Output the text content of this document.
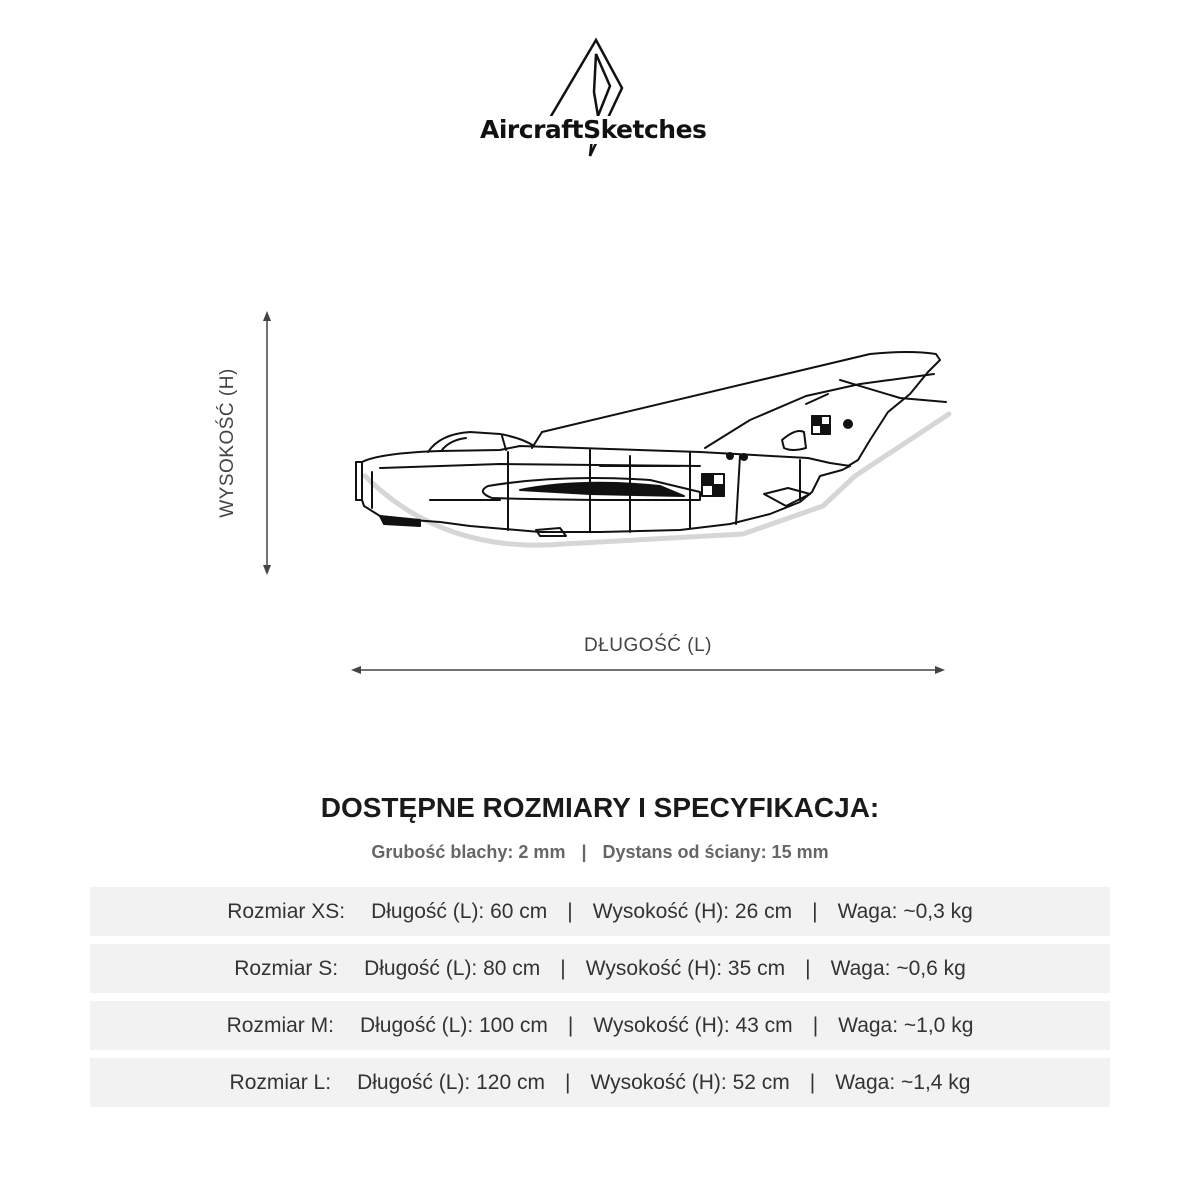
AircraftSketches
WYSOKOŚĆ (H)
DŁUGOŚĆ (L)
DOSTĘPNE ROZMIARY I SPECYFIKACJA:
Grubość blachy: 2 mm | Dystans od ściany: 15 mm
Rozmiar XS: Długość (L): 60 cm | Wysokość (H): 26 cm | Waga: ~0,3 kg
Rozmiar S: Długość (L): 80 cm | Wysokość (H): 35 cm | Waga: ~0,6 kg
Rozmiar M: Długość (L): 100 cm | Wysokość (H): 43 cm | Waga: ~1,0 kg
Rozmiar L: Długość (L): 120 cm | Wysokość (H): 52 cm | Waga: ~1,4 kg
